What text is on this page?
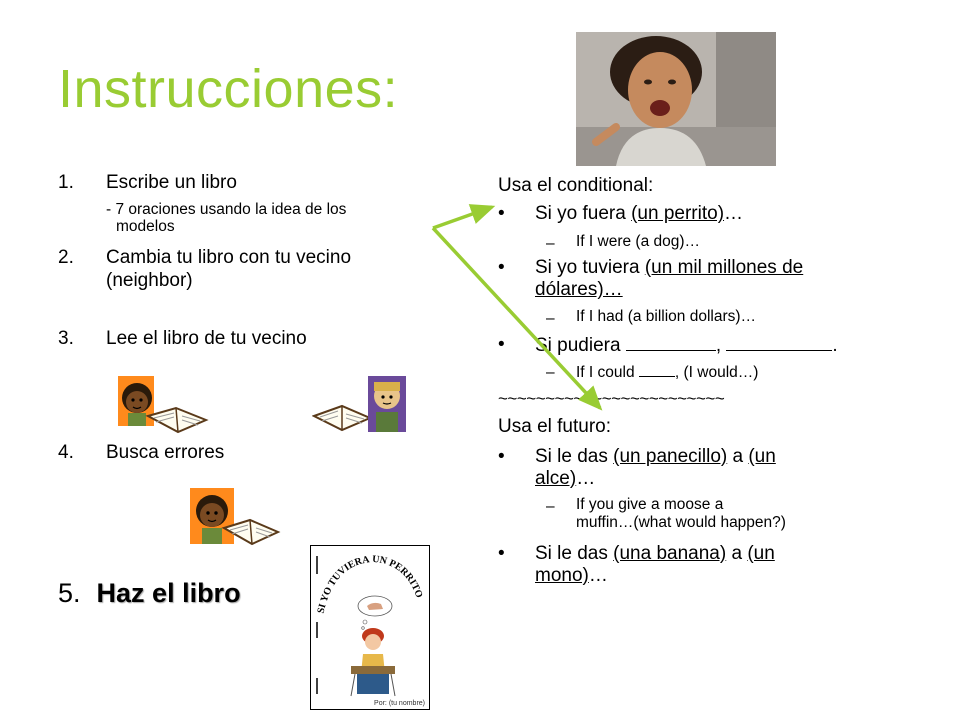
Instrucciones:
1. Escribe un libro
- 7 oraciones usando la idea de los
modelos
2. Cambia tu libro con tu vecino
(neighbor)
3. Lee el libro de tu vecino
4. Busca errores
5. Haz el libro
Usa el conditional:
• Si yo fuera (un perrito)…
– If I were (a dog)…
• Si yo tuviera (un mil millones de
dólares)…
– If I had (a billion dollars)…
• Si pudiera	,	.
– If I could , (I would…)
~~~~~~~~~~~~~~~~~~~~~~~~
Usa el futuro:
• Si le das (un panecillo) a (un
alce)…
– If you give a moose a
muffin…(what would happen?)
• Si le das (una banana) a (un
mono)…
SI YO TUVIERA UN PERRITO
Por: (tu nombre)
